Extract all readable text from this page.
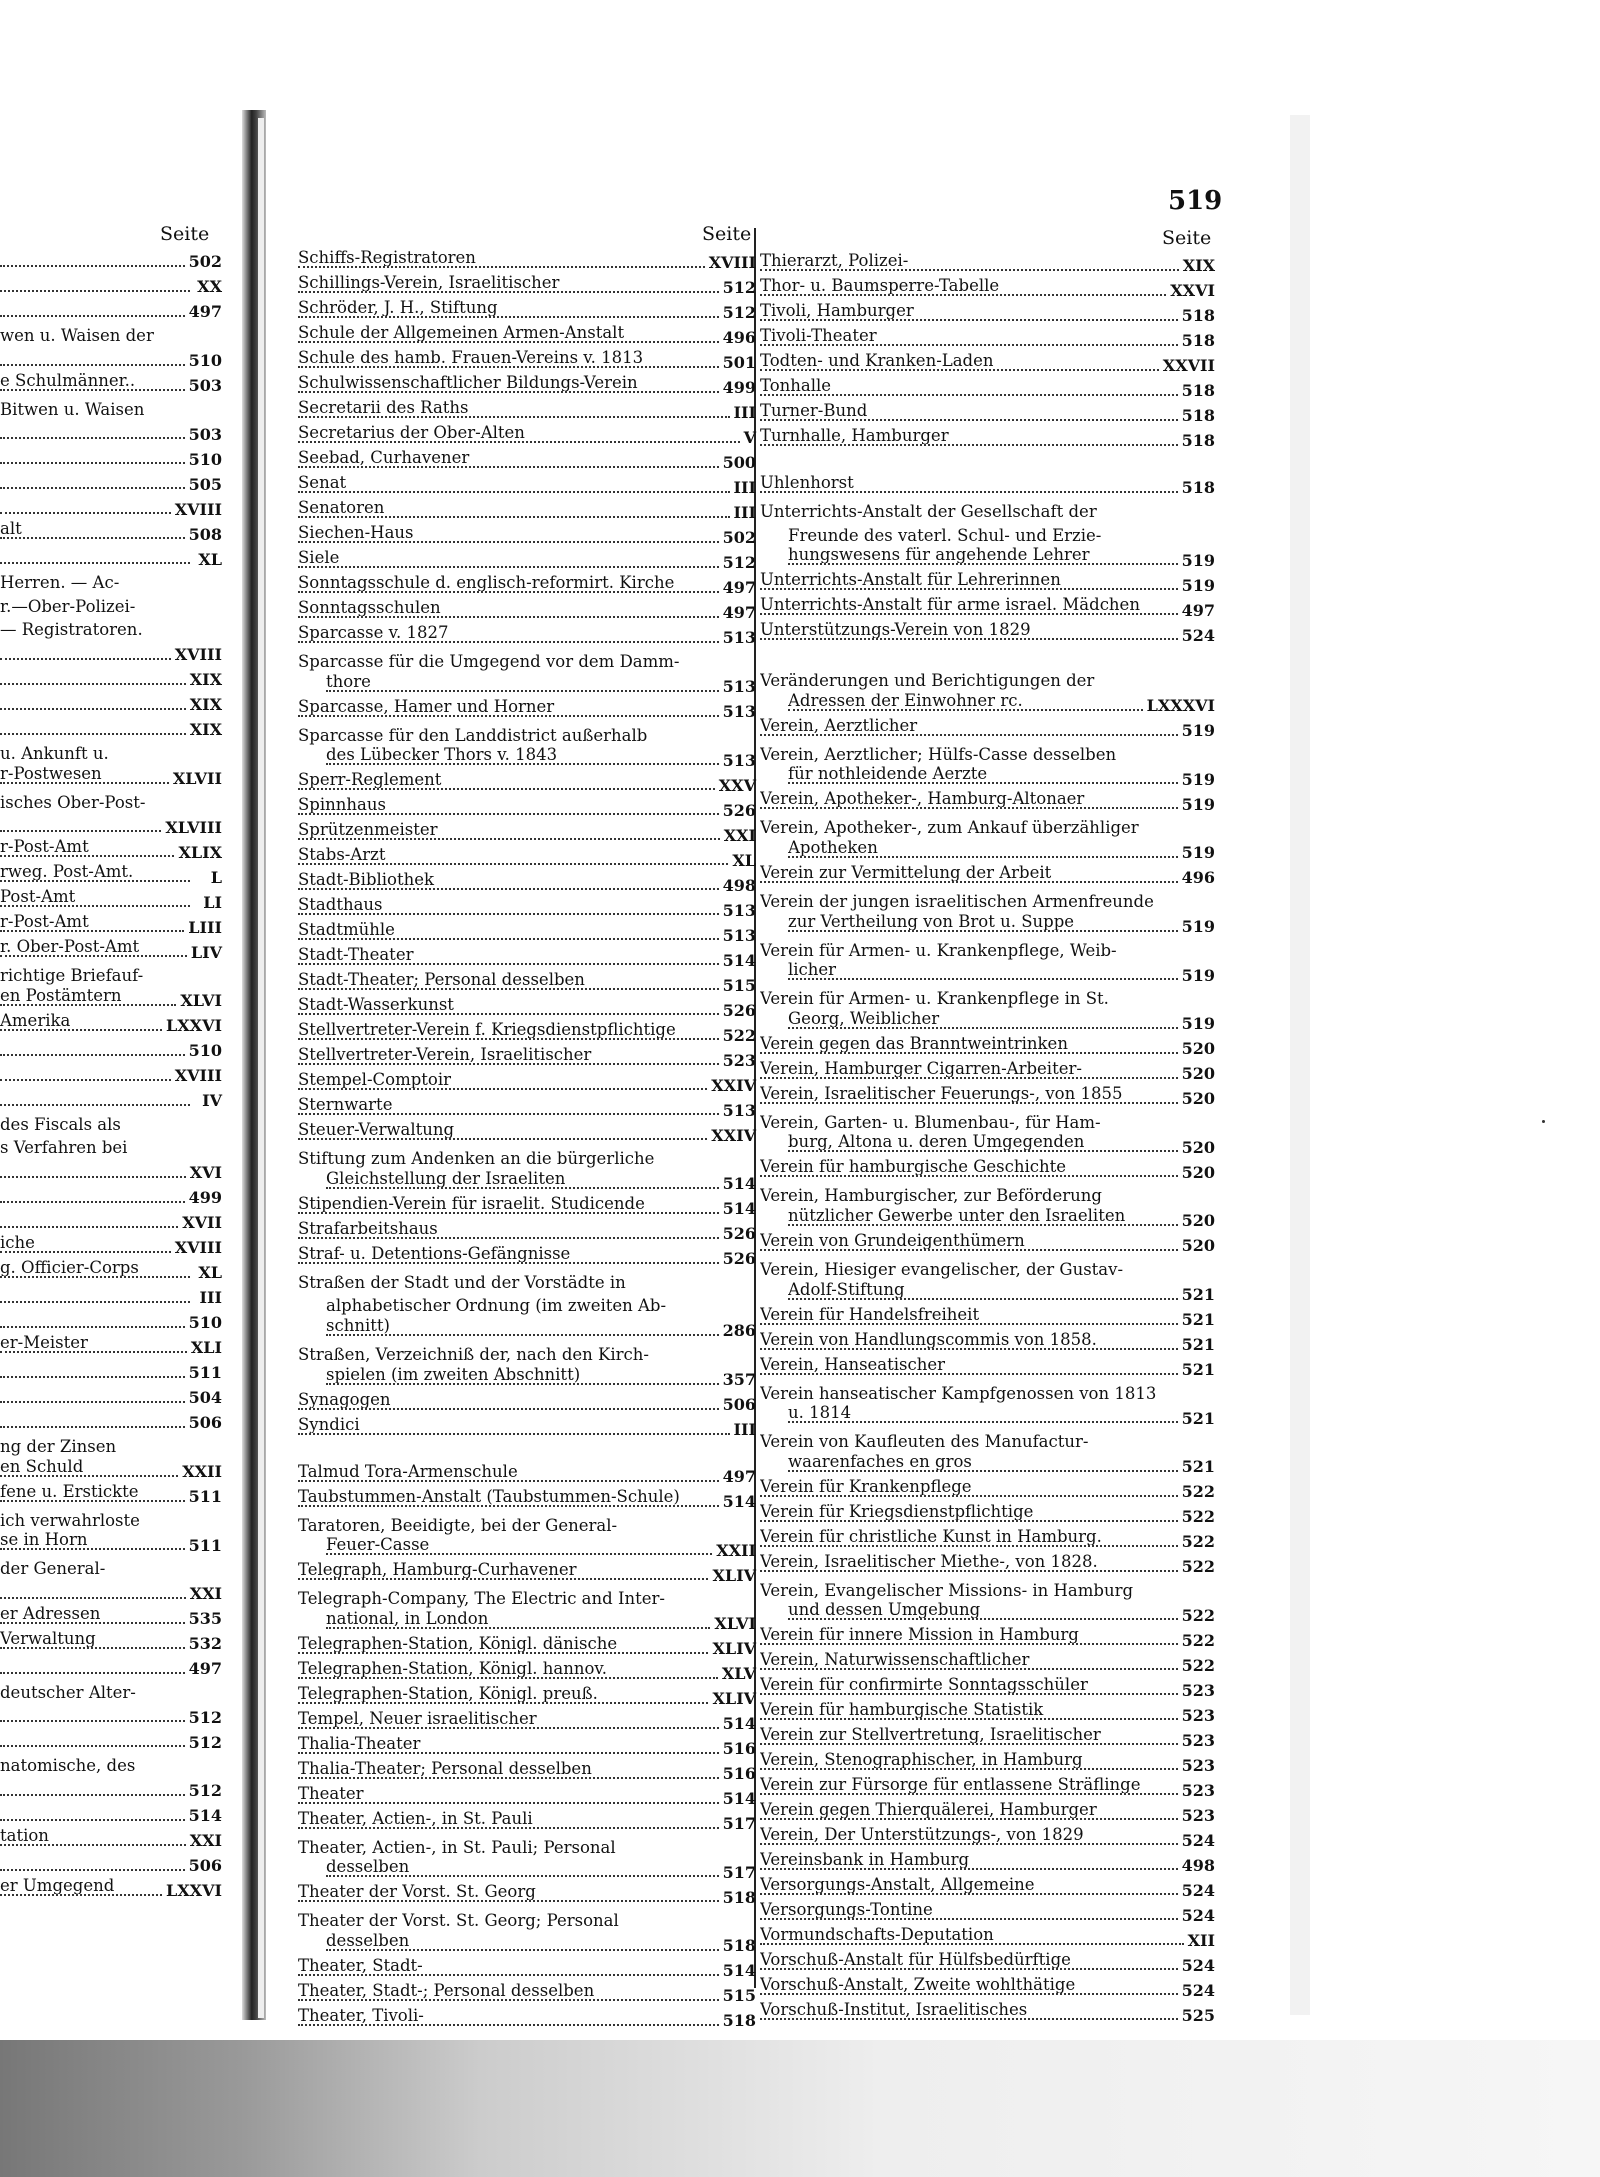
519
Seite	Seite	Seite
502
XX
497
wen u. Waisen der
510
e Schulmänner..	503
Bitwen u. Waisen
503
510
505
XVIII
alt	508
XL
Herren. — Ac-
r.—Ober-Polizei-
— Registratoren.
XVIII
XIX
XIX
XIX
u. Ankunft u.
r-Postwesen	XLVII
isches Ober-Post-
XLVIII
r-Post-Amt	XLIX
rweg. Post-Amt.	L
Post-Amt	LI
r-Post-Amt	LIII
r. Ober-Post-Amt	LIV
richtige Briefauf-
en Postämtern	XLVI
Amerika	LXXVI
510
XVIII
IV
des Fiscals als
s Verfahren bei
XVI
499
XVII
iche	XVIII
g. Officier-Corps	XL
III
510
er-Meister	XLI
511
504
506
ng der Zinsen
en Schuld	XXII
fene u. Erstickte	511
ich verwahrloste
se in Horn	511
der General-
XXI
er Adressen	535
Verwaltung	532
497
deutscher Alter-
512
512
natomische, des
512
514
tation	XXI
506
er Umgegend	LXXVI
Schiffs-Registratoren	XVIII
Schillings-Verein, Israelitischer	512
Schröder, J. H., Stiftung	512
Schule der Allgemeinen Armen-Anstalt	496
Schule des hamb. Frauen-Vereins v. 1813	501
Schulwissenschaftlicher Bildungs-Verein	499
Secretarii des Raths	III
Secretarius der Ober-Alten	V
Seebad, Curhavener	500
Senat	III
Senatoren	III
Siechen-Haus	502
Siele	512
Sonntagsschule d. englisch-reformirt. Kirche	497
Sonntagsschulen	497
Sparcasse v. 1827	513
Sparcasse für die Umgegend vor dem Damm-
thore	513
Sparcasse, Hamer und Horner	513
Sparcasse für den Landdistrict außerhalb
des Lübecker Thors v. 1843	513
Sperr-Reglement	XXV
Spinnhaus	526
Sprützenmeister	XXI
Stabs-Arzt	XL
Stadt-Bibliothek	498
Stadthaus	513
Stadtmühle	513
Stadt-Theater	514
Stadt-Theater; Personal desselben	515
Stadt-Wasserkunst	526
Stellvertreter-Verein f. Kriegsdienstpflichtige	522
Stellvertreter-Verein, Israelitischer	523
Stempel-Comptoir	XXIV
Sternwarte	513
Steuer-Verwaltung	XXIV
Stiftung zum Andenken an die bürgerliche
Gleichstellung der Israeliten	514
Stipendien-Verein für israelit. Studicende	514
Strafarbeitshaus	526
Straf- u. Detentions-Gefängnisse	526
Straßen der Stadt und der Vorstädte in
alphabetischer Ordnung (im zweiten Ab-
schnitt)	286
Straßen, Verzeichniß der, nach den Kirch-
spielen (im zweiten Abschnitt)	357
Synagogen	506
Syndici	III
Talmud Tora-Armenschule	497
Taubstummen-Anstalt (Taubstummen-Schule)	514
Taratoren, Beeidigte, bei der General-
Feuer-Casse	XXII
Telegraph, Hamburg-Curhavener	XLIV
Telegraph-Company, The Electric and Inter-
national, in London	XLVI
Telegraphen-Station, Königl. dänische	XLIV
Telegraphen-Station, Königl. hannov.	XLV
Telegraphen-Station, Königl. preuß.	XLIV
Tempel, Neuer israelitischer	514
Thalia-Theater	516
Thalia-Theater; Personal desselben	516
Theater	514
Theater, Actien-, in St. Pauli	517
Theater, Actien-, in St. Pauli; Personal
desselben	517
Theater der Vorst. St. Georg	518
Theater der Vorst. St. Georg; Personal
desselben	518
Theater, Stadt-	514
Theater, Stadt-; Personal desselben	515
Theater, Tivoli-	518
Thierarzt, Polizei-	XIX
Thor- u. Baumsperre-Tabelle	XXVI
Tivoli, Hamburger	518
Tivoli-Theater	518
Todten- und Kranken-Laden	XXVII
Tonhalle	518
Turner-Bund	518
Turnhalle, Hamburger	518
Uhlenhorst	518
Unterrichts-Anstalt der Gesellschaft der
Freunde des vaterl. Schul- und Erzie-
hungswesens für angehende Lehrer	519
Unterrichts-Anstalt für Lehrerinnen	519
Unterrichts-Anstalt für arme israel. Mädchen	497
Unterstützungs-Verein von 1829	524
Veränderungen und Berichtigungen der
Adressen der Einwohner rc.	LXXXVI
Verein, Aerztlicher	519
Verein, Aerztlicher; Hülfs-Casse desselben
für nothleidende Aerzte	519
Verein, Apotheker-, Hamburg-Altonaer	519
Verein, Apotheker-, zum Ankauf überzähliger
Apotheken	519
Verein zur Vermittelung der Arbeit	496
Verein der jungen israelitischen Armenfreunde
zur Vertheilung von Brot u. Suppe	519
Verein für Armen- u. Krankenpflege, Weib-
licher	519
Verein für Armen- u. Krankenpflege in St.
Georg, Weiblicher	519
Verein gegen das Branntweintrinken	520
Verein, Hamburger Cigarren-Arbeiter-	520
Verein, Israelitischer Feuerungs-, von 1855	520
Verein, Garten- u. Blumenbau-, für Ham-
burg, Altona u. deren Umgegenden	520
Verein für hamburgische Geschichte	520
Verein, Hamburgischer, zur Beförderung
nützlicher Gewerbe unter den Israeliten	520
Verein von Grundeigenthümern	520
Verein, Hiesiger evangelischer, der Gustav-
Adolf-Stiftung	521
Verein für Handelsfreiheit	521
Verein von Handlungscommis von 1858.	521
Verein, Hanseatischer	521
Verein hanseatischer Kampfgenossen von 1813
u. 1814	521
Verein von Kaufleuten des Manufactur-
waarenfaches en gros	521
Verein für Krankenpflege	522
Verein für Kriegsdienstpflichtige	522
Verein für christliche Kunst in Hamburg.	522
Verein, Israelitischer Miethe-, von 1828.	522
Verein, Evangelischer Missions- in Hamburg
und dessen Umgebung	522
Verein für innere Mission in Hamburg	522
Verein, Naturwissenschaftlicher	522
Verein für confirmirte Sonntagsschüler	523
Verein für hamburgische Statistik	523
Verein zur Stellvertretung, Israelitischer	523
Verein, Stenographischer, in Hamburg	523
Verein zur Fürsorge für entlassene Sträflinge	523
Verein gegen Thierquälerei, Hamburger	523
Verein, Der Unterstützungs-, von 1829	524
Vereinsbank in Hamburg	498
Versorgungs-Anstalt, Allgemeine	524
Versorgungs-Tontine	524
Vormundschafts-Deputation	XII
Vorschuß-Anstalt für Hülfsbedürftige	524
Vorschuß-Anstalt, Zweite wohlthätige	524
Vorschuß-Institut, Israelitisches	525
